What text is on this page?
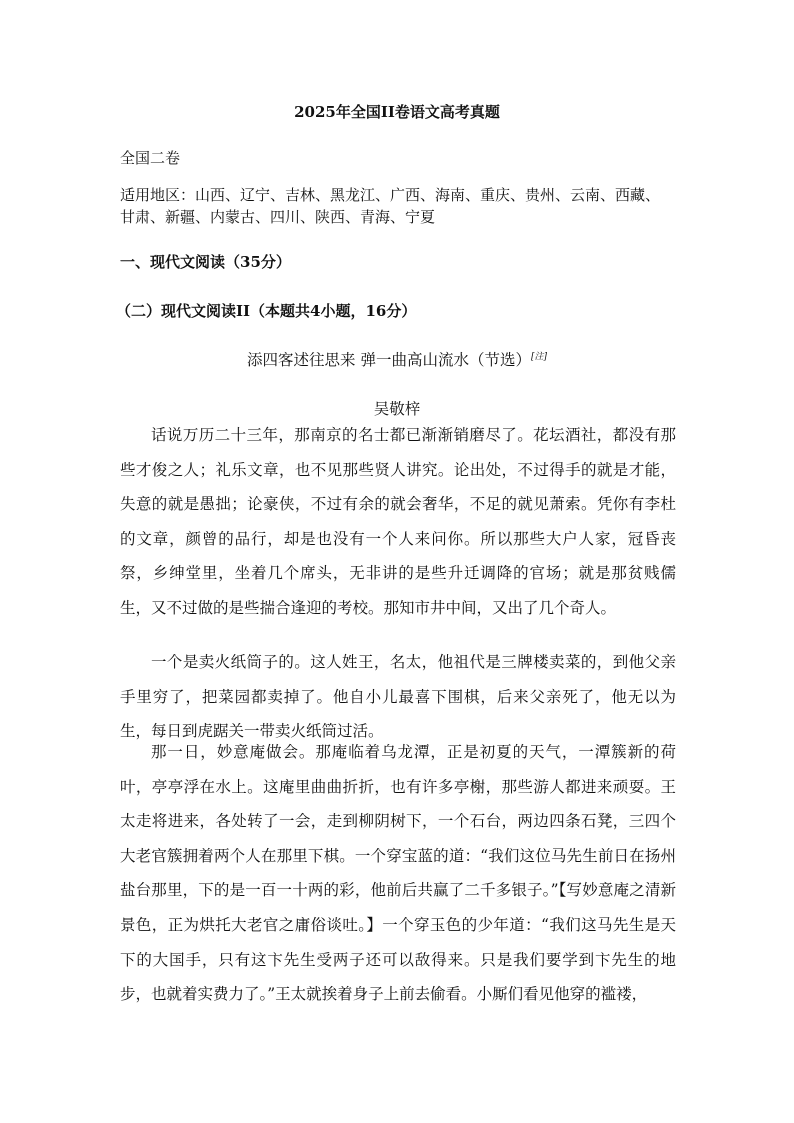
2025年全国II卷语文高考真题
全国二卷
适用地区：山西、辽宁、吉林、黑龙江、广西、海南、重庆、贵州、云南、西藏、
甘肃、新疆、内蒙古、四川、陕西、青海、宁夏
一、现代文阅读（35分）
（二）现代文阅读II（本题共4小题，16分）
添四客述往思来 弹一曲高山流水（节选）[注]
吴敬梓

话说万历二十三年，那南京的名士都已渐渐销磨尽了。花坛酒社，都没有那些才俊之人；礼乐文章，也不见那些贤人讲究。论出处，不过得手的就是才能，失意的就是愚拙；论豪侠，不过有余的就会奢华，不足的就见萧索。凭你有李杜的文章，颜曾的品行，却是也没有一个人来问你。所以那些大户人家，冠昏丧祭，乡绅堂里，坐着几个席头，无非讲的是些升迁调降的官场；就是那贫贱儒生，又不过做的是些揣合逢迎的考校。那知市井中间，又出了几个奇人。

一个是卖火纸筒子的。这人姓王，名太，他祖代是三牌楼卖菜的，到他父亲手里穷了，把菜园都卖掉了。他自小儿最喜下围棋，后来父亲死了，他无以为生，每日到虎踞关一带卖火纸筒过活。

那一日，妙意庵做会。那庵临着乌龙潭，正是初夏的天气，一潭簇新的荷叶，亭亭浮在水上。这庵里曲曲折折，也有许多亭榭，那些游人都进来顽耍。王太走将进来，各处转了一会，走到柳阴树下，一个石台，两边四条石凳，三四个大老官簇拥着两个人在那里下棋。一个穿宝蓝的道：“我们这位马先生前日在扬州盐台那里，下的是一百一十两的彩，他前后共赢了二千多银子。”【写妙意庵之清新景色，正为烘托大老官之庸俗谈吐。】一个穿玉色的少年道：“我们这马先生是天下的大国手，只有这卞先生受两子还可以敌得来。只是我们要学到卞先生的地步，也就着实费力了。”王太就挨着身子上前去偷看。小厮们看见他穿的褴褛，
